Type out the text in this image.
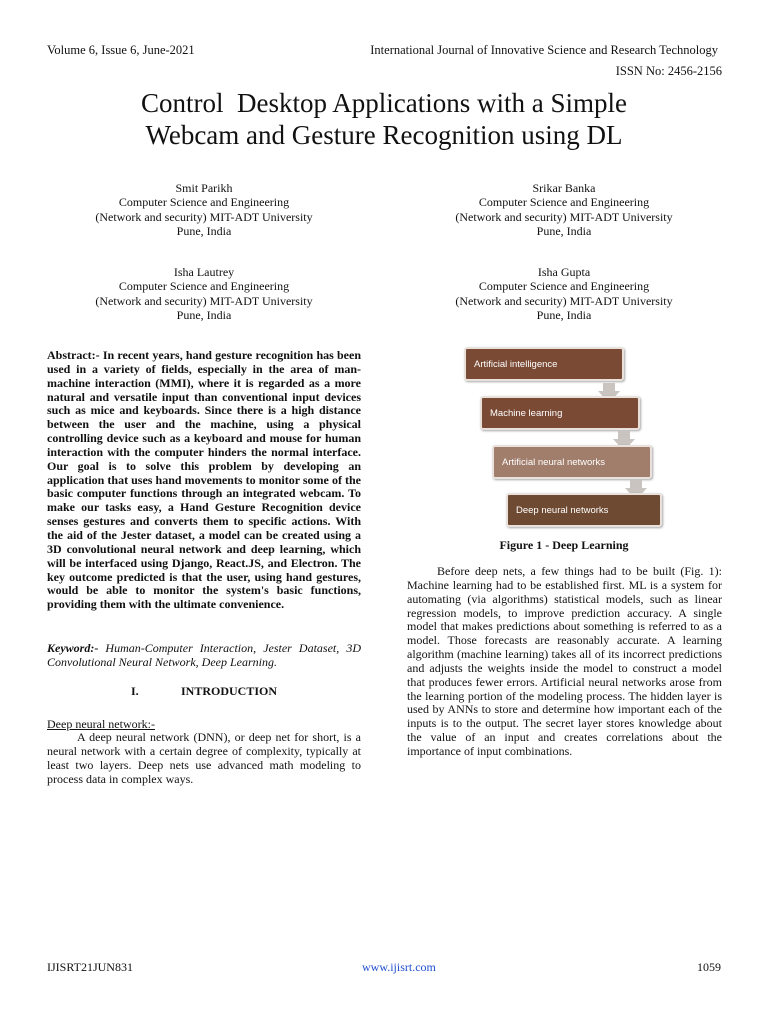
Volume 6, Issue 6, June-2021	International Journal of Innovative Science and Research Technology
ISSN No: 2456-2156
Control  Desktop Applications with a Simple
Webcam and Gesture Recognition using DL
Smit Parikh
Computer Science and Engineering
(Network and security) MIT-ADT University
Pune, India
Srikar Banka
Computer Science and Engineering
(Network and security) MIT-ADT University
Pune, India
Isha Lautrey
Computer Science and Engineering
(Network and security) MIT-ADT University
Pune, India
Isha Gupta
Computer Science and Engineering
(Network and security) MIT-ADT University
Pune, India
Abstract:- In recent years, hand gesture recognition has been used in a variety of fields, especially in the area of man-machine interaction (MMI), where it is regarded as a more natural and versatile input than conventional input devices such as mice and keyboards. Since there is a high distance between the user and the machine, using a physical controlling device such as a keyboard and mouse for human interaction with the computer hinders the normal interface. Our goal is to solve this problem by developing an application that uses hand movements to monitor some of the basic computer functions through an integrated webcam. To make our tasks easy, a Hand Gesture Recognition device senses gestures and converts them to specific actions. With the aid of the Jester dataset, a model can be created using a 3D convolutional neural network and deep learning, which will be interfaced using Django, React.JS, and Electron. The key outcome predicted is that the user, using hand gestures, would be able to monitor the system's basic functions, providing them with the ultimate convenience.
Keyword:- Human-Computer Interaction, Jester Dataset, 3D Convolutional Neural Network, Deep Learning.
I.	INTRODUCTION
Deep neural network:-
A deep neural network (DNN), or deep net for short, is a neural network with a certain degree of complexity, typically at least two layers. Deep nets use advanced math modeling to process data in complex ways.
Artificial intelligence
Machine learning
Artificial neural networks
Deep neural networks
Figure 1 - Deep Learning
Before deep nets, a few things had to be built (Fig. 1): Machine learning had to be established first. ML is a system for automating (via algorithms) statistical models, such as linear regression models, to improve prediction accuracy. A single model that makes predictions about something is referred to as a model. Those forecasts are reasonably accurate. A learning algorithm (machine learning) takes all of its incorrect predictions and adjusts the weights inside the model to construct a model that produces fewer errors. Artificial neural networks arose from the learning portion of the modeling process. The hidden layer is used by ANNs to store and determine how important each of the inputs is to the output. The secret layer stores knowledge about the value of an input and creates correlations about the importance of input combinations.
IJISRT21JUN831	www.ijisrt.com	1059
